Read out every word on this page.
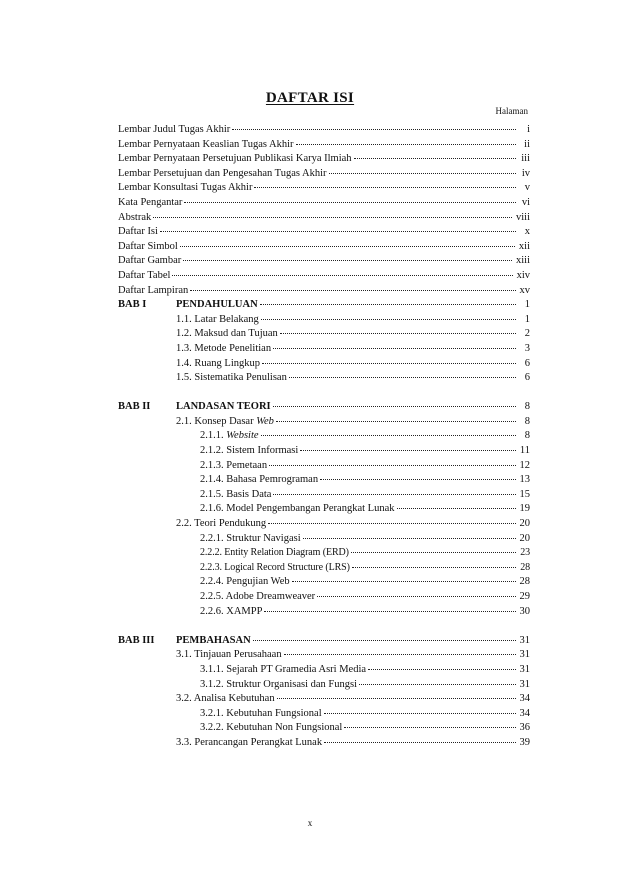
DAFTAR ISI
Halaman
Lembar Judul Tugas Akhir	i
Lembar Pernyataan Keaslian Tugas Akhir	ii
Lembar Pernyataan Persetujuan Publikasi Karya Ilmiah	iii
Lembar Persetujuan dan Pengesahan Tugas Akhir	iv
Lembar Konsultasi Tugas Akhir	v
Kata Pengantar	vi
Abstrak	viii
Daftar Isi	x
Daftar Simbol	xii
Daftar Gambar	xiii
Daftar Tabel	xiv
Daftar Lampiran	xv
BAB I	PENDAHULUAN	1
1.1. Latar Belakang	1
1.2. Maksud dan Tujuan	2
1.3. Metode Penelitian	3
1.4. Ruang Lingkup	6
1.5. Sistematika Penulisan	6
BAB II	LANDASAN TEORI	8
2.1. Konsep Dasar Web	8
2.1.1. Website	8
2.1.2. Sistem Informasi	11
2.1.3. Pemetaan	12
2.1.4. Bahasa Pemrograman	13
2.1.5. Basis Data	15
2.1.6. Model Pengembangan Perangkat Lunak	19
2.2. Teori Pendukung	20
2.2.1. Struktur Navigasi	20
2.2.2. Entity Relation Diagram (ERD)	23
2.2.3. Logical Record Structure (LRS)	28
2.2.4. Pengujian Web	28
2.2.5. Adobe Dreamweaver	29
2.2.6. XAMPP	30
BAB III	PEMBAHASAN	31
3.1. Tinjauan Perusahaan	31
3.1.1. Sejarah PT Gramedia Asri Media	31
3.1.2. Struktur Organisasi dan Fungsi	31
3.2. Analisa Kebutuhan	34
3.2.1. Kebutuhan Fungsional	34
3.2.2. Kebutuhan Non Fungsional	36
3.3. Perancangan Perangkat Lunak	39
x
